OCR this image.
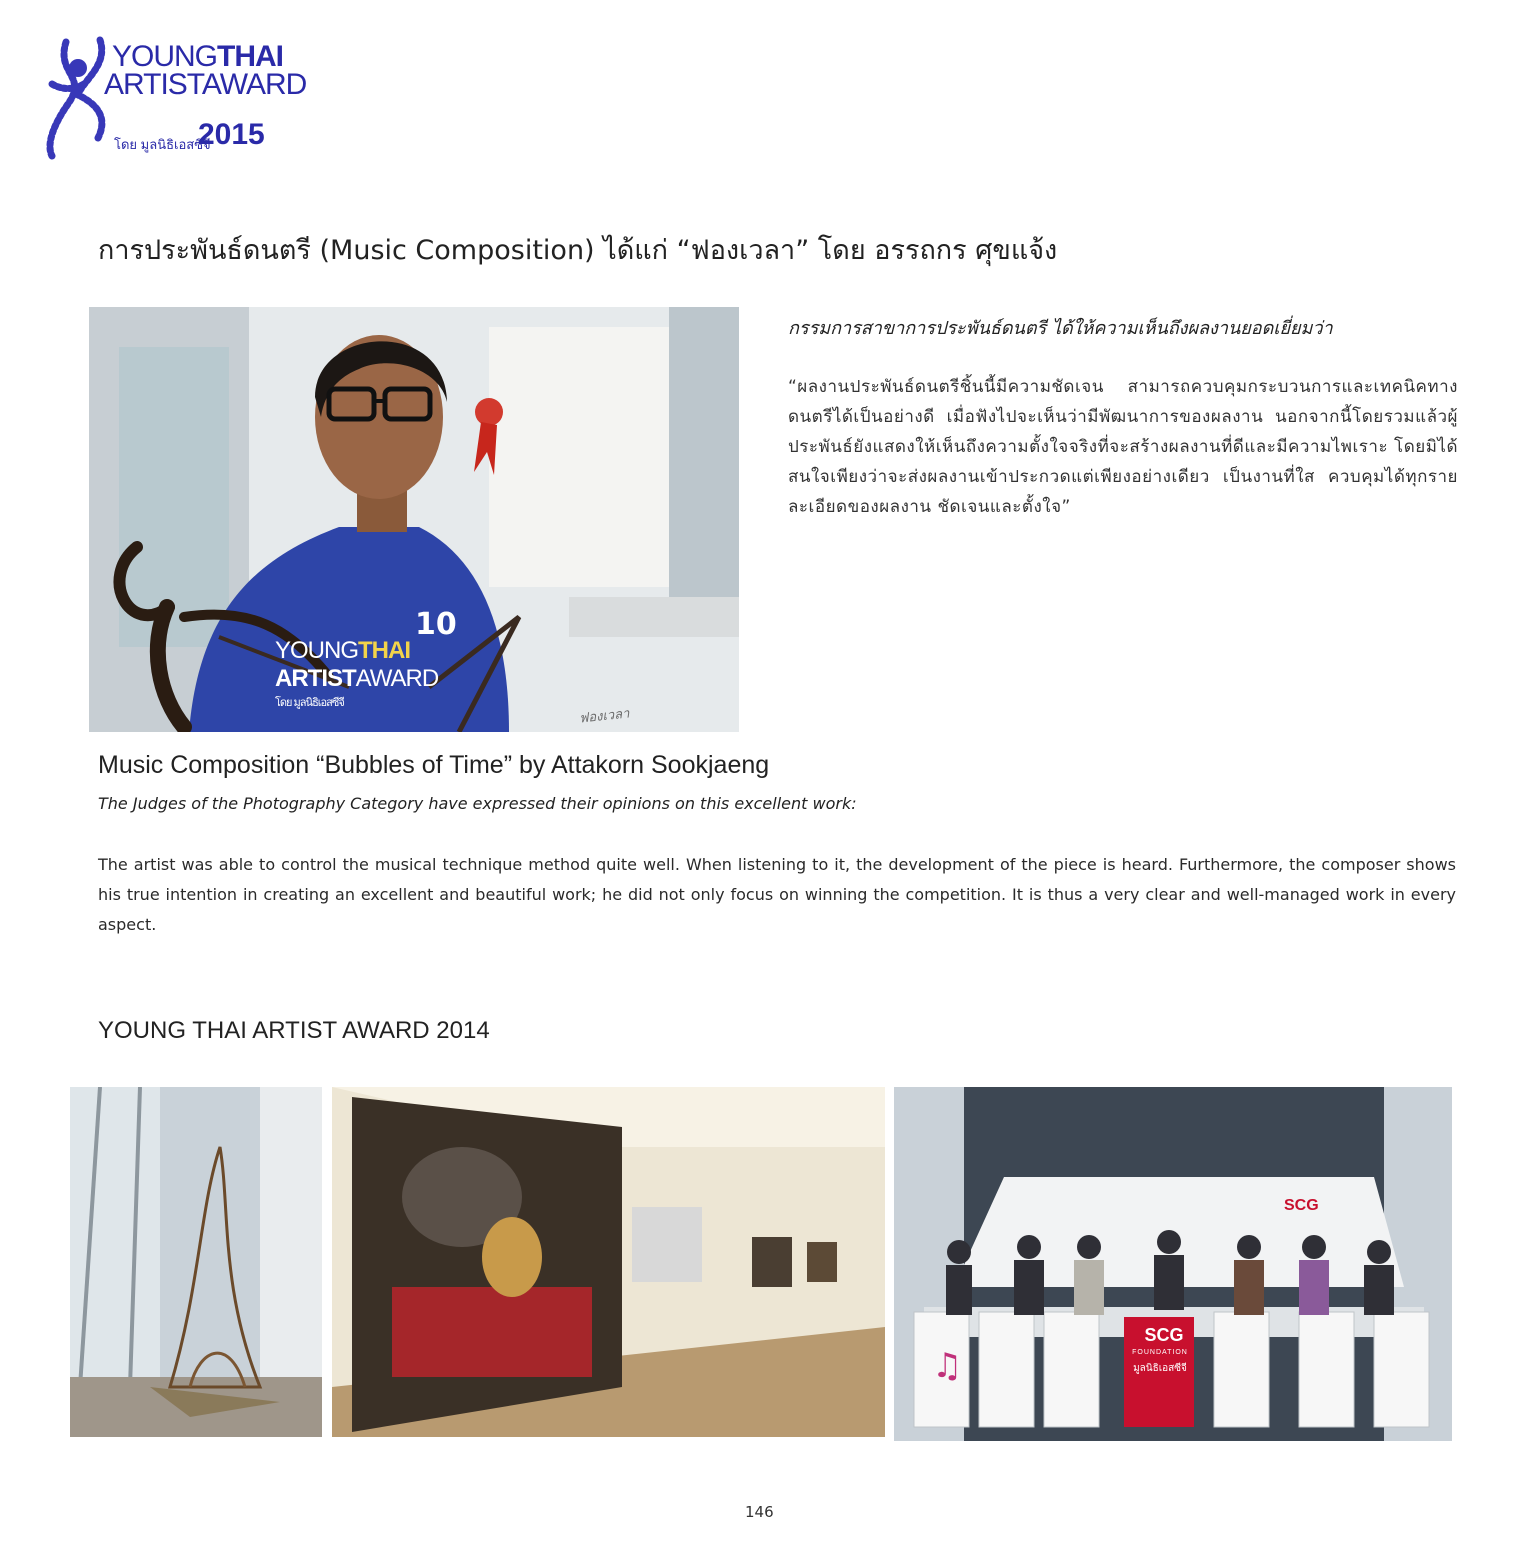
YOUNGTHAI
ARTISTAWARD
โดย มูลนิธิเอสซีจี
2015
การประพันธ์ดนตรี (Music Composition) ได้แก่ “ฟองเวลา” โดย อรรถกร ศุขแจ้ง
YOUNGTHAI
ARTISTAWARD
โดย มูลนิธิเอสซีจี
10
ฟองเวลา
กรรมการสาขาการประพันธ์ดนตรี ได้ให้ความเห็นถึงผลงานยอดเยี่ยมว่า
“ผลงานประพันธ์ดนตรีชิ้นนี้มีความชัดเจน สามารถควบคุมกระบวนการและเทคนิคทางดนตรีได้เป็นอย่างดี เมื่อฟังไปจะเห็นว่ามีพัฒนาการของผลงาน นอกจากนี้โดยรวมแล้วผู้ประพันธ์ยังแสดงให้เห็นถึงความตั้งใจจริงที่จะสร้างผลงานที่ดีและมีความไพเราะ โดยมิได้สนใจเพียงว่าจะส่งผลงานเข้าประกวดแต่เพียงอย่างเดียว เป็นงานที่ใส ควบคุมได้ทุกรายละเอียดของผลงาน ชัดเจนและตั้งใจ”
Music Composition “Bubbles of Time” by Attakorn Sookjaeng
The Judges of the Photography Category have expressed their opinions on this excellent work:
The artist was able to control the musical technique method quite well. When listening to it, the development of the piece is heard. Furthermore, the composer shows his true intention in creating an excellent and beautiful work; he did not only focus on winning the competition. It is thus a very clear and well-managed work in every aspect.
YOUNG THAI ARTIST AWARD 2014
♫
SCG
SCG
FOUNDATION
มูลนิธิเอสซีจี
146
